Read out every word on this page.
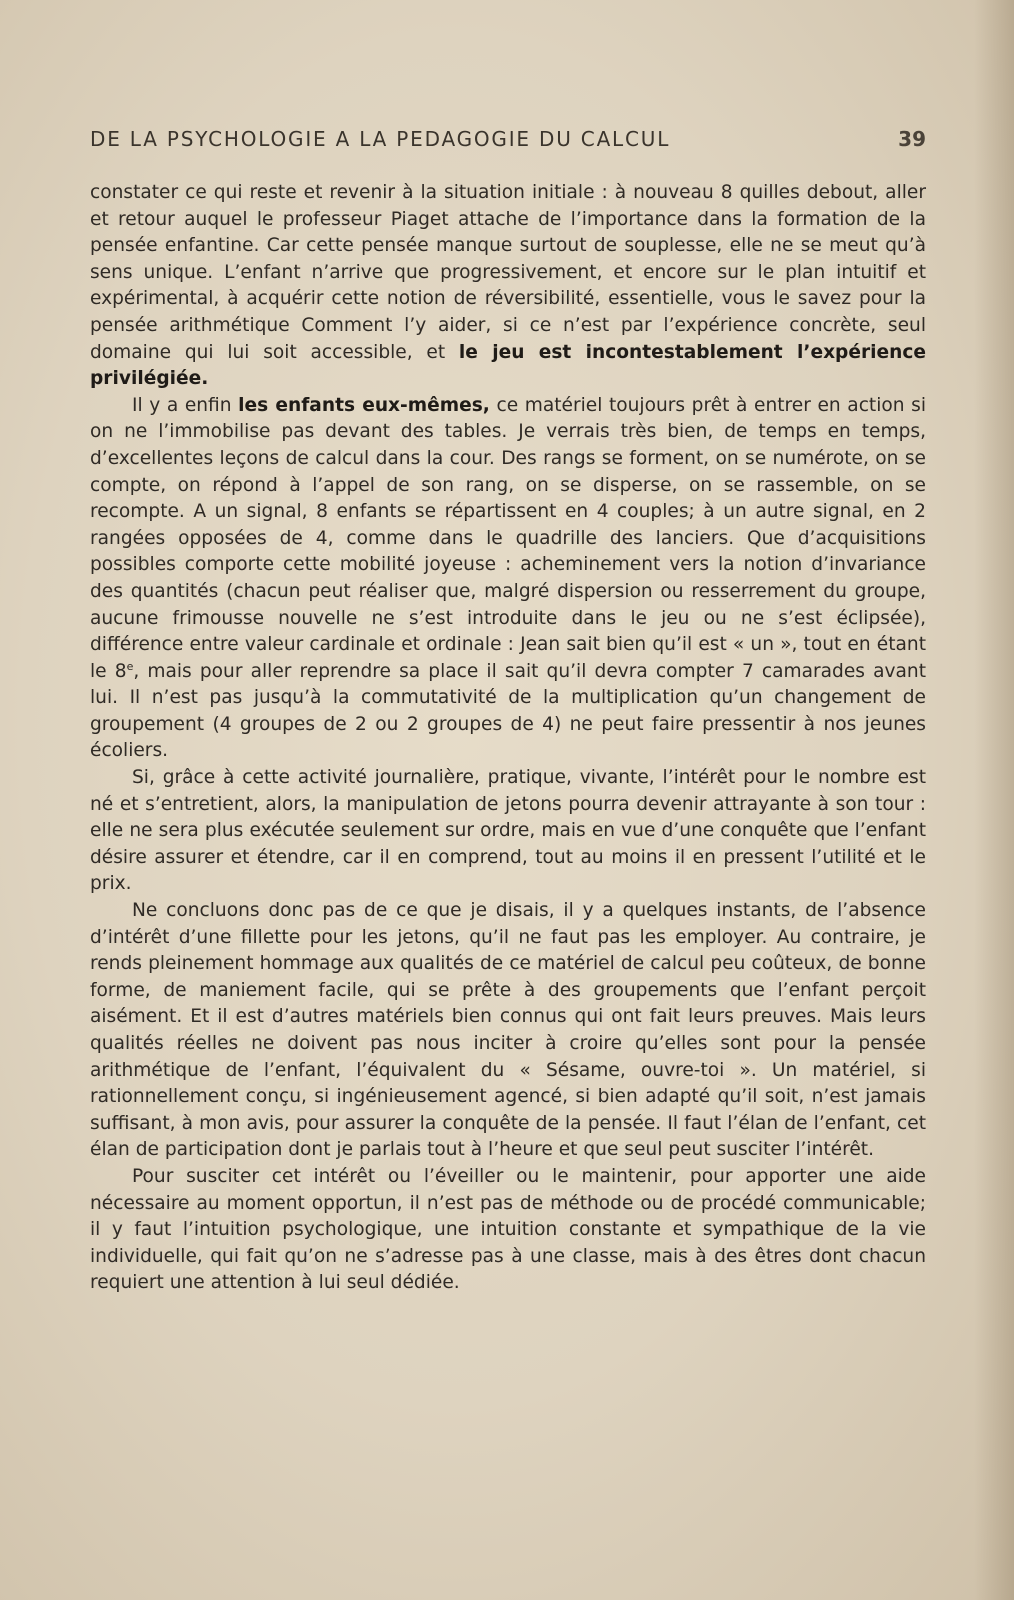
DE LA PSYCHOLOGIE A LA PEDAGOGIE DU CALCUL	39

constater ce qui reste et revenir à la situation initiale : à nouveau 8 quilles debout, aller et retour auquel le professeur Piaget attache de l’importance dans la formation de la pensée enfantine. Car cette pensée manque surtout de souplesse, elle ne se meut qu’à sens unique. L’enfant n’arrive que progressivement, et encore sur le plan intuitif et expérimental, à acquérir cette notion de réversibilité, essentielle, vous le savez pour la pensée arithmétique Comment l’y aider, si ce n’est par l’expérience concrète, seul domaine qui lui soit accessible, et le jeu est incontestablement l’expérience privilégiée.

Il y a enfin les enfants eux-mêmes, ce matériel toujours prêt à entrer en action si on ne l’immobilise pas devant des tables. Je verrais très bien, de temps en temps, d’excellentes leçons de calcul dans la cour. Des rangs se forment, on se numérote, on se compte, on répond à l’appel de son rang, on se disperse, on se rassemble, on se recompte. A un signal, 8 enfants se répartissent en 4 couples; à un autre signal, en 2 rangées opposées de 4, comme dans le quadrille des lanciers. Que d’acquisitions possibles comporte cette mobilité joyeuse : acheminement vers la notion d’invariance des quantités (chacun peut réaliser que, malgré dispersion ou resserrement du groupe, aucune frimousse nouvelle ne s’est introduite dans le jeu ou ne s’est éclipsée), différence entre valeur cardinale et ordinale : Jean sait bien qu’il est « un », tout en étant le 8e, mais pour aller reprendre sa place il sait qu’il devra compter 7 camarades avant lui. Il n’est pas jusqu’à la commutativité de la multiplication qu’un changement de groupement (4 groupes de 2 ou 2 groupes de 4) ne peut faire pressentir à nos jeunes écoliers.

Si, grâce à cette activité journalière, pratique, vivante, l’intérêt pour le nombre est né et s’entretient, alors, la manipulation de jetons pourra devenir attrayante à son tour : elle ne sera plus exécutée seulement sur ordre, mais en vue d’une conquête que l’enfant désire assurer et étendre, car il en comprend, tout au moins il en pressent l’utilité et le prix.

Ne concluons donc pas de ce que je disais, il y a quelques instants, de l’absence d’intérêt d’une fillette pour les jetons, qu’il ne faut pas les employer. Au contraire, je rends pleinement hommage aux qualités de ce matériel de calcul peu coûteux, de bonne forme, de maniement facile, qui se prête à des groupements que l’enfant perçoit aisément. Et il est d’autres matériels bien connus qui ont fait leurs preuves. Mais leurs qualités réelles ne doivent pas nous inciter à croire qu’elles sont pour la pensée arithmétique de l’enfant, l’équivalent du « Sésame, ouvre-toi ». Un matériel, si rationnellement conçu, si ingénieusement agencé, si bien adapté qu’il soit, n’est jamais suffisant, à mon avis, pour assurer la conquête de la pensée. Il faut l’élan de l’enfant, cet élan de participation dont je parlais tout à l’heure et que seul peut susciter l’intérêt.

Pour susciter cet intérêt ou l’éveiller ou le maintenir, pour apporter une aide nécessaire au moment opportun, il n’est pas de méthode ou de procédé communicable; il y faut l’intuition psychologique, une intuition constante et sympathique de la vie individuelle, qui fait qu’on ne s’adresse pas à une classe, mais à des êtres dont chacun requiert une attention à lui seul dédiée.
